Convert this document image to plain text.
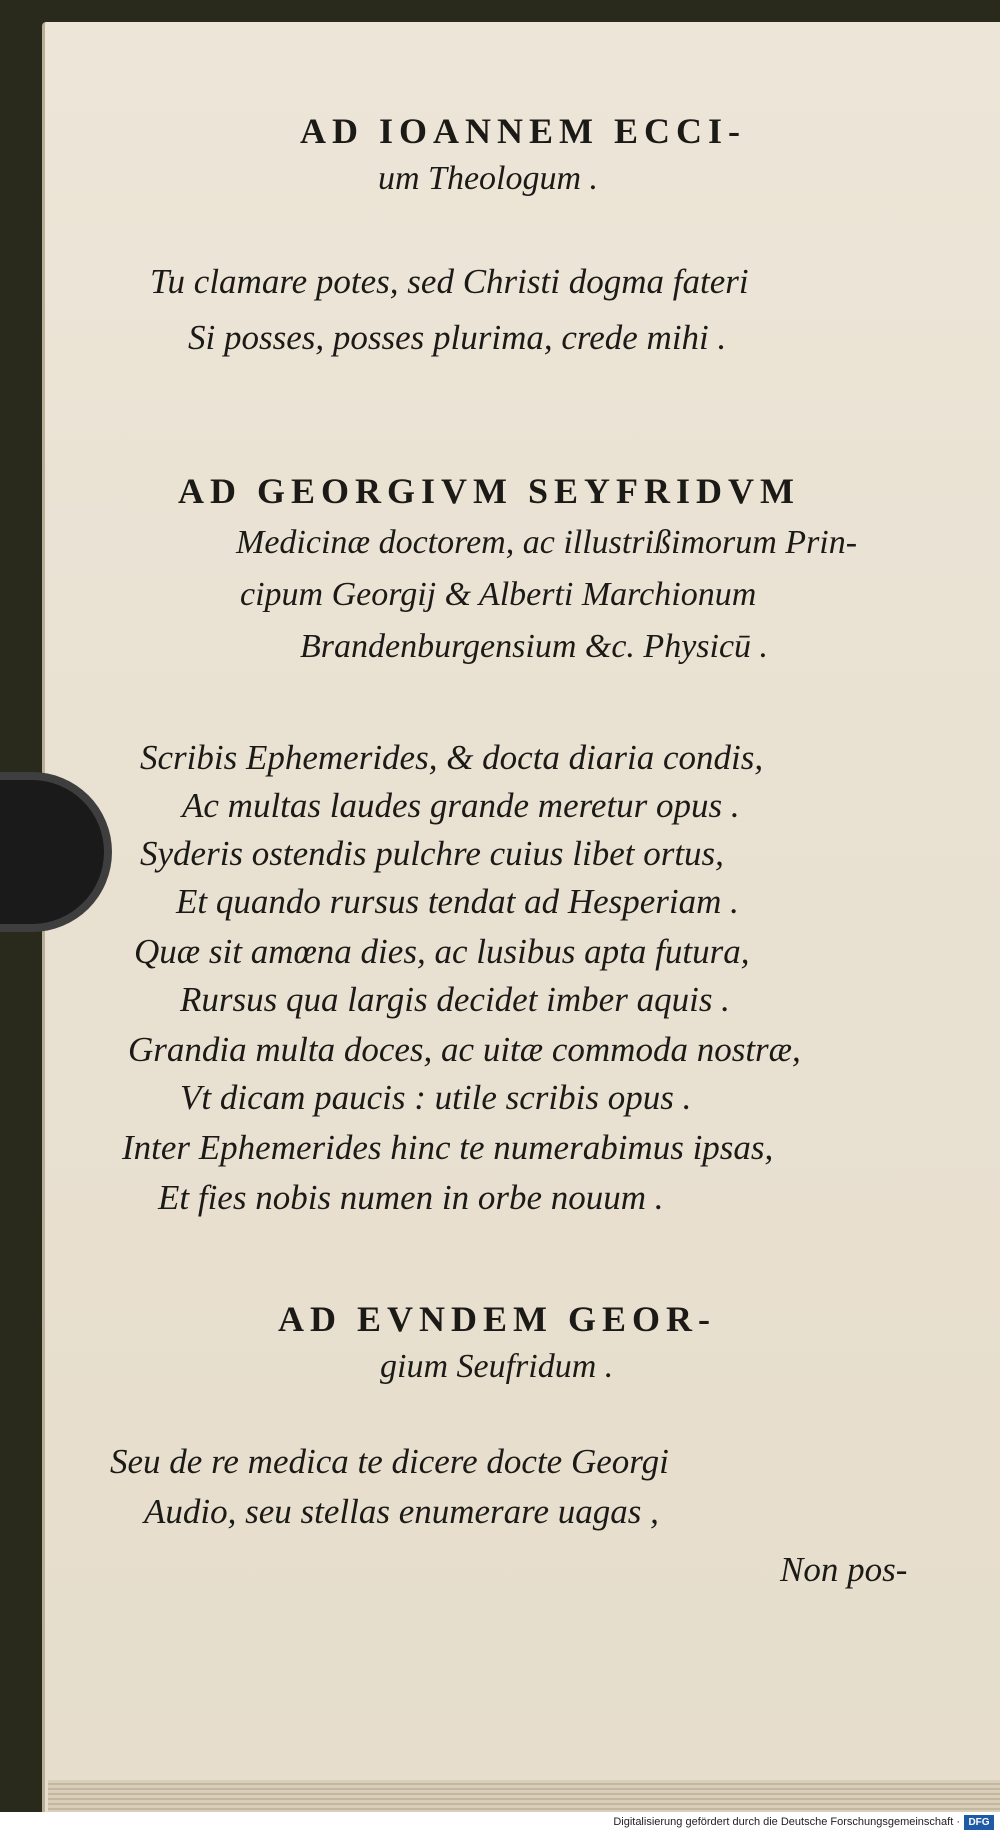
AD IOANNEM ECCI-
um Theologum .
Tu clamare potes, sed Christi dogma fateri
Si posses, posses plurima, crede mihi .
AD GEORGIVM SEYFRIDVM
Medicinæ doctorem, ac illustrißimorum Prin-
cipum Georgij & Alberti Marchionum
Brandenburgensium &c. Physicū .
Scribis Ephemerides, & docta diaria condis,
Ac multas laudes grande meretur opus .
Syderis ostendis pulchre cuius libet ortus,
Et quando rursus tendat ad Hesperiam .
Quæ sit amœna dies, ac lusibus apta futura,
Rursus qua largis decidet imber aquis .
Grandia multa doces, ac uitæ commoda nostræ,
Vt dicam paucis : utile scribis opus .
Inter Ephemerides hinc te numerabimus ipsas,
Et fies nobis numen in orbe nouum .
AD EVNDEM GEOR-
gium Seufridum .
Seu de re medica te dicere docte Georgi
Audio, seu stellas enumerare uagas ,
Non pos-
Digitalisierung gefördert durch die Deutsche Forschungsgemeinschaft · DFG
